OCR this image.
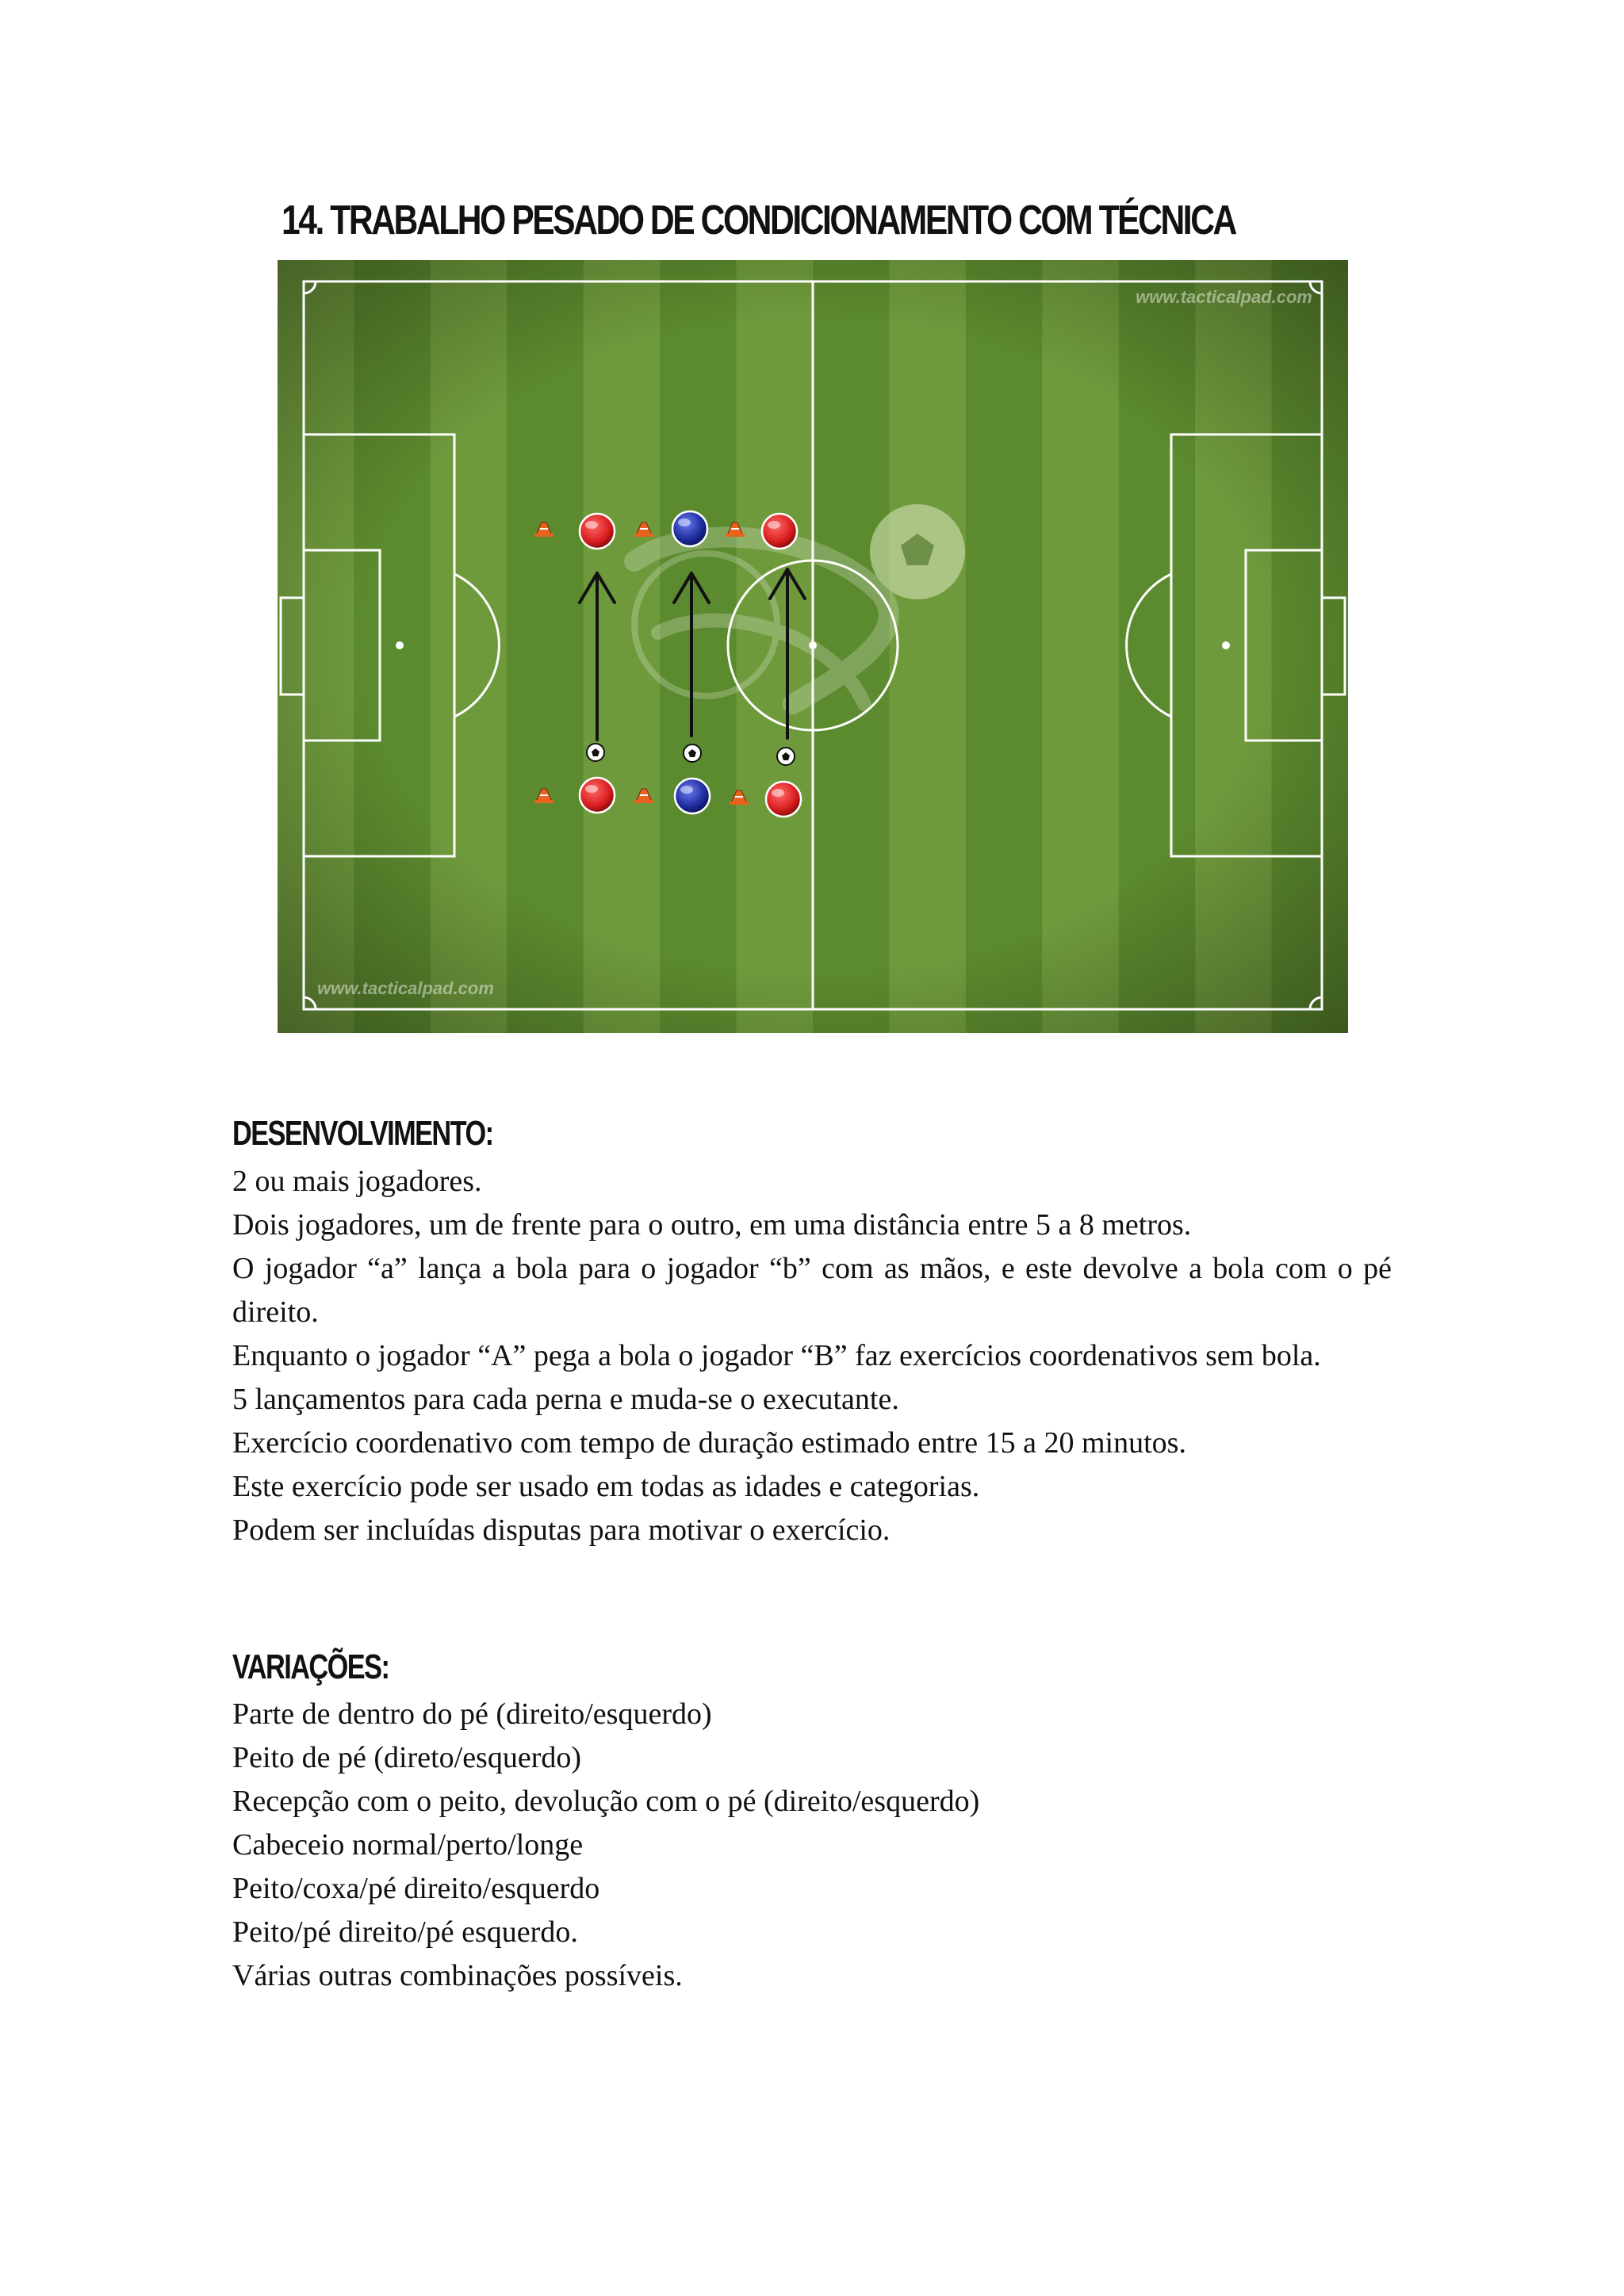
14. TRABALHO PESADO DE CONDICIONAMENTO COM TÉCNICA
www.tacticalpad.com
www.tacticalpad.com
DESENVOLVIMENTO:
2 ou mais jogadores.
Dois jogadores, um de frente para o outro, em uma distância entre 5 a 8 metros.
O jogador “a” lança a bola para o jogador “b” com as mãos, e este devolve a bola com o pé direito.
Enquanto o jogador “A” pega a bola o jogador “B” faz exercícios coordenativos sem bola.
5 lançamentos para cada perna e muda-se o executante.
Exercício coordenativo com tempo de duração estimado entre 15 a 20 minutos.
Este exercício pode ser usado em todas as idades e categorias.
Podem ser incluídas disputas para motivar o exercício.
VARIAÇÕES:
Parte de dentro do pé (direito/esquerdo)
Peito de pé (direto/esquerdo)
Recepção com o peito, devolução com o pé (direito/esquerdo)
Cabeceio normal/perto/longe
Peito/coxa/pé direito/esquerdo
Peito/pé direito/pé esquerdo.
Várias outras combinações possíveis.
